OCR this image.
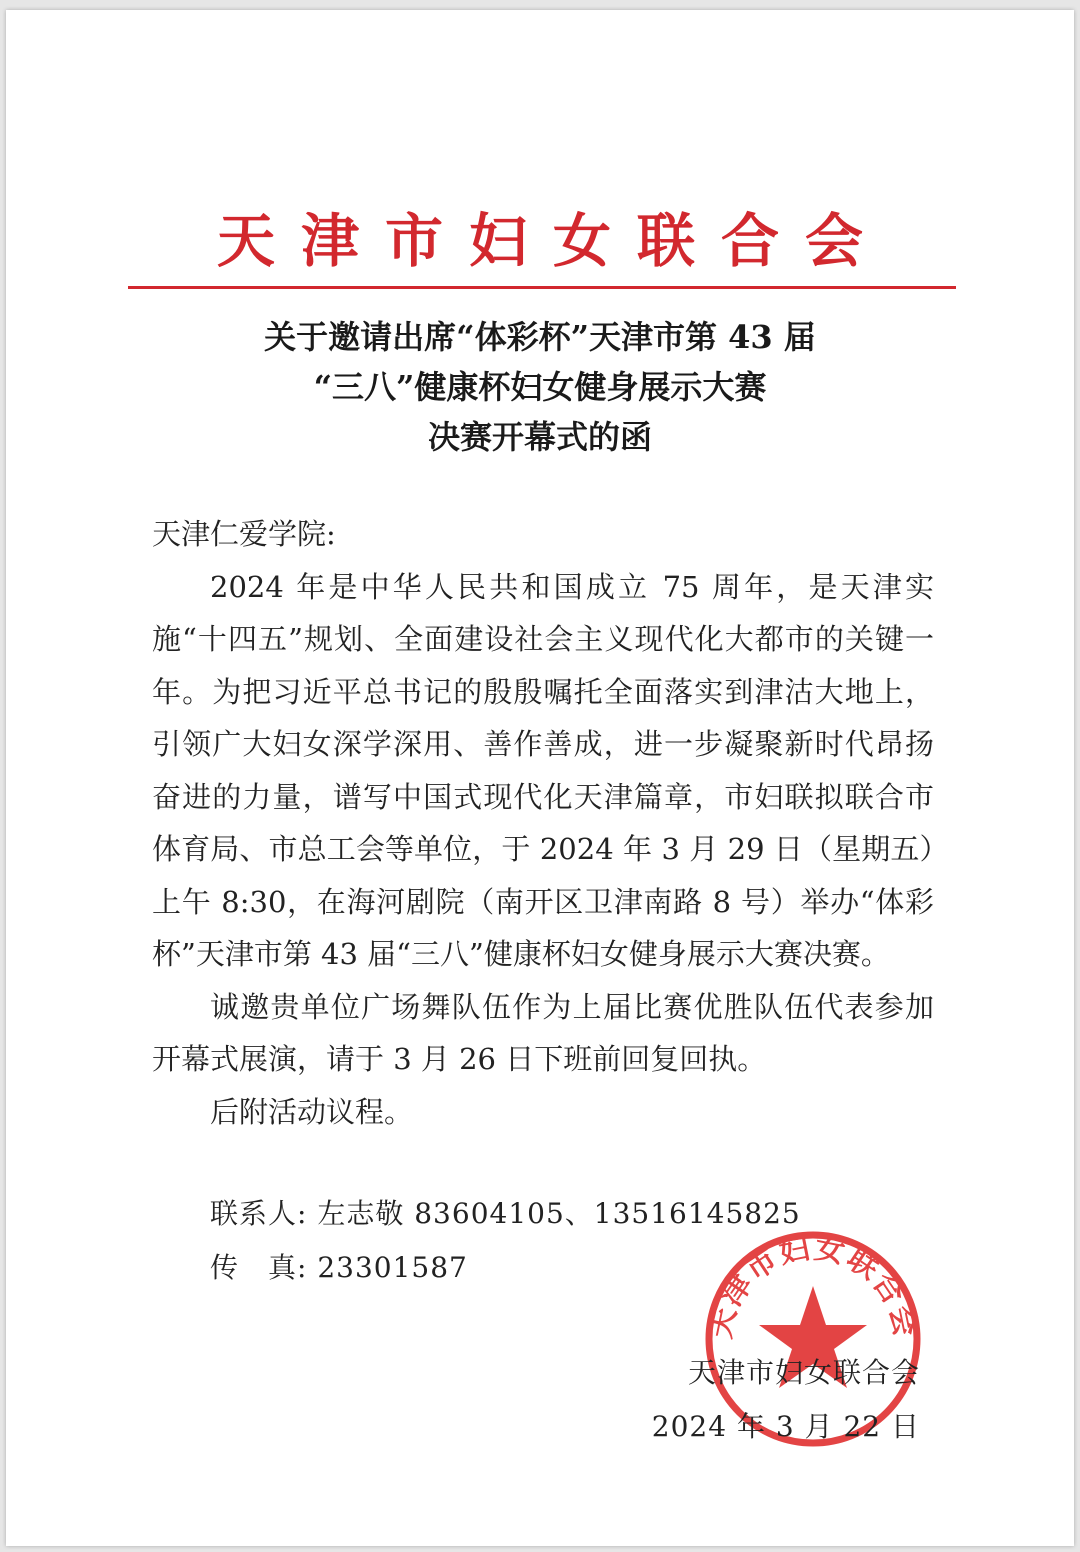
天津市妇女联合会
关于邀请出席“体彩杯”天津市第 43 届
“三八”健康杯妇女健身展示大赛
决赛开幕式的函

天津仁爱学院:

2024 年是中华人民共和国成立 75 周年，是天津实施“十四五”规划、全面建设社会主义现代化大都市的关键一年。为把习近平总书记的殷殷嘱托全面落实到津沽大地上，引领广大妇女深学深用、善作善成，进一步凝聚新时代昂扬奋进的力量，谱写中国式现代化天津篇章，市妇联拟联合市体育局、市总工会等单位，于 2024 年 3 月 29 日（星期五）上午 8:30，在海河剧院（南开区卫津南路 8 号）举办“体彩杯”天津市第 43 届“三八”健康杯妇女健身展示大赛决赛。

诚邀贵单位广场舞队伍作为上届比赛优胜队伍代表参加开幕式展演，请于 3 月 26 日下班前回复回执。

后附活动议程。

联系人: 左志敬 83604105、13516145825
传　真: 23301587
天津市妇女联合会
天津市妇女联合会
2024 年 3 月 22 日
